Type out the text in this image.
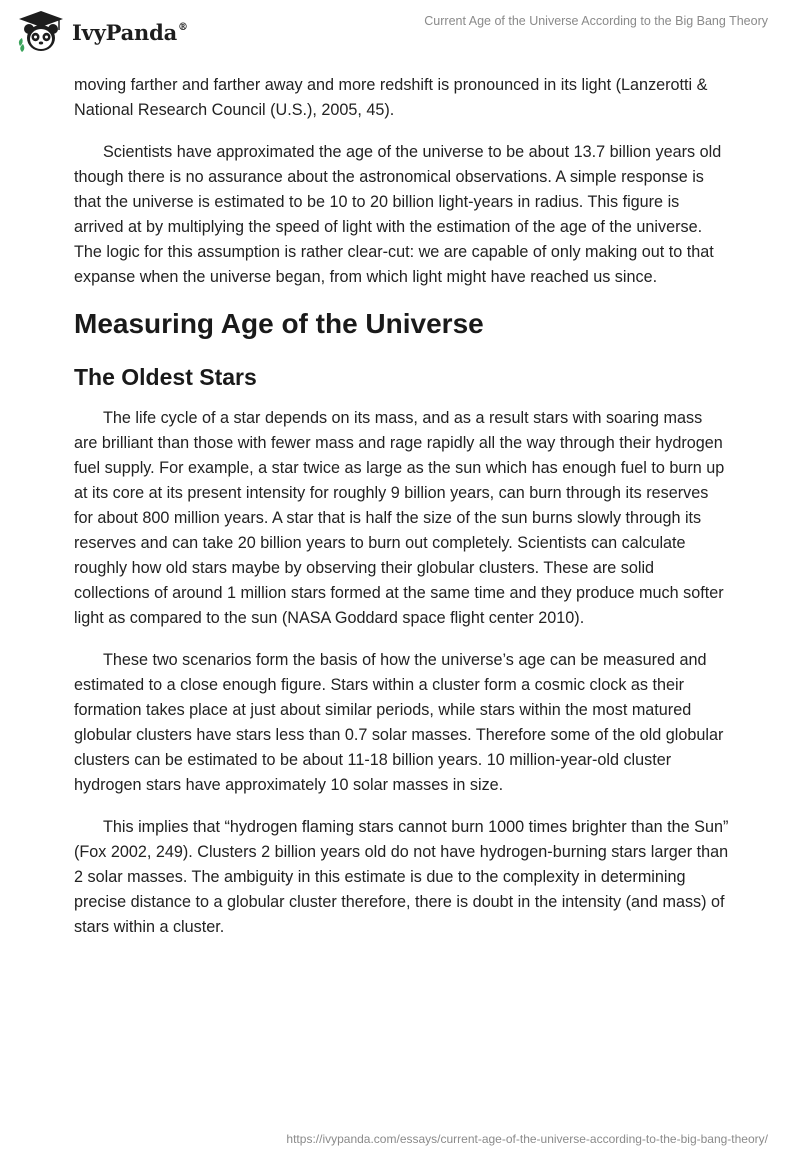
IvyPanda®	Current Age of the Universe According to the Big Bang Theory

moving farther and farther away and more redshift is pronounced in its light (Lanzerotti & National Research Council (U.S.), 2005, 45).

Scientists have approximated the age of the universe to be about 13.7 billion years old though there is no assurance about the astronomical observations. A simple response is that the universe is estimated to be 10 to 20 billion light-years in radius. This figure is arrived at by multiplying the speed of light with the estimation of the age of the universe. The logic for this assumption is rather clear-cut: we are capable of only making out to that expanse when the universe began, from which light might have reached us since.

Measuring Age of the Universe
The Oldest Stars

The life cycle of a star depends on its mass, and as a result stars with soaring mass are brilliant than those with fewer mass and rage rapidly all the way through their hydrogen fuel supply. For example, a star twice as large as the sun which has enough fuel to burn up at its core at its present intensity for roughly 9 billion years, can burn through its reserves for about 800 million years. A star that is half the size of the sun burns slowly through its reserves and can take 20 billion years to burn out completely. Scientists can calculate roughly how old stars maybe by observing their globular clusters. These are solid collections of around 1 million stars formed at the same time and they produce much softer light as compared to the sun (NASA Goddard space flight center 2010).

These two scenarios form the basis of how the universe’s age can be measured and estimated to a close enough figure. Stars within a cluster form a cosmic clock as their formation takes place at just about similar periods, while stars within the most matured globular clusters have stars less than 0.7 solar masses. Therefore some of the old globular clusters can be estimated to be about 11-18 billion years. 10 million-year-old cluster hydrogen stars have approximately 10 solar masses in size.

This implies that “hydrogen flaming stars cannot burn 1000 times brighter than the Sun” (Fox 2002, 249). Clusters 2 billion years old do not have hydrogen-burning stars larger than 2 solar masses. The ambiguity in this estimate is due to the complexity in determining precise distance to a globular cluster therefore, there is doubt in the intensity (and mass) of stars within a cluster.

https://ivypanda.com/essays/current-age-of-the-universe-according-to-the-big-bang-theory/
